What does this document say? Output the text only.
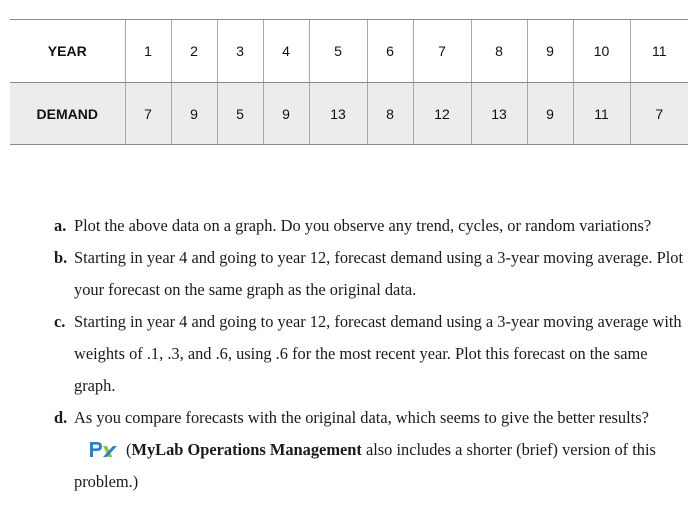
YEAR	1	2	3	4	5	6	7	8	9	10	11
DEMAND	7	9	5	9	13	8	12	13	9	11	7
a. Plot the above data on a graph. Do you observe any trend, cycles, or random variations?
b. Starting in year 4 and going to year 12, forecast demand using a 3-year moving average. Plot your forecast on the same graph as the original data.
c. Starting in year 4 and going to year 12, forecast demand using a 3-year moving average with weights of .1, .3, and .6, using .6 for the most recent year. Plot this forecast on the same graph.
d. As you compare forecasts with the original data, which seems to give the better results?(MyLab Operations Management also includes a shorter (brief) version of this problem.)
